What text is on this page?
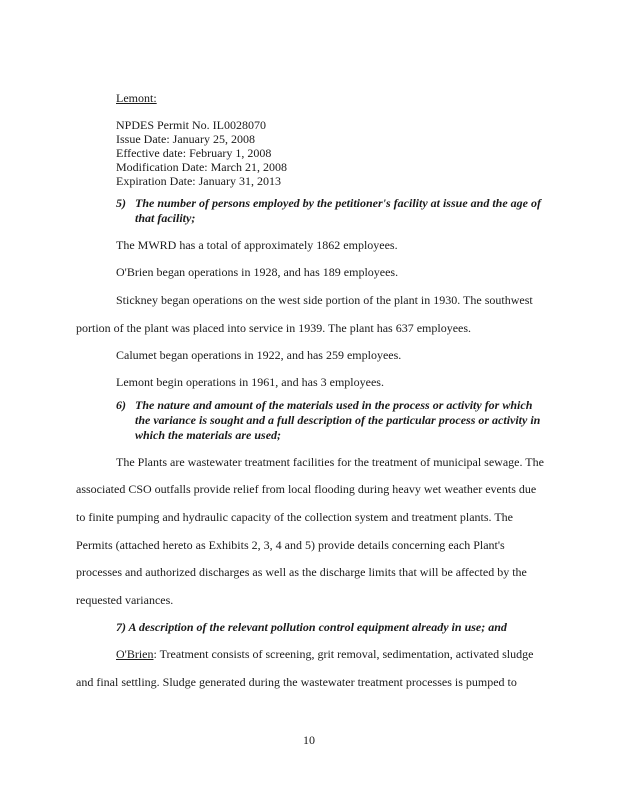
Lemont:
NPDES Permit No. IL0028070
Issue Date: January 25, 2008
Effective date: February 1, 2008
Modification Date: March 21, 2008
Expiration Date: January 31, 2013
5) The number of persons employed by the petitioner's facility at issue and the age of
that facility;
The MWRD has a total of approximately 1862 employees.
O'Brien began operations in 1928, and has 189 employees.
Stickney began operations on the west side portion of the plant in 1930. The southwest
portion of the plant was placed into service in 1939. The plant has 637 employees.
Calumet began operations in 1922, and has 259 employees.
Lemont begin operations in 1961, and has 3 employees.
6) The nature and amount of the materials used in the process or activity for which
the variance is sought and a full description of the particular process or activity in
which the materials are used;
The Plants are wastewater treatment facilities for the treatment of municipal sewage. The
associated CSO outfalls provide relief from local flooding during heavy wet weather events due
to finite pumping and hydraulic capacity of the collection system and treatment plants. The
Permits (attached hereto as Exhibits 2, 3, 4 and 5) provide details concerning each Plant's
processes and authorized discharges as well as the discharge limits that will be affected by the
requested variances.
7) A description of the relevant pollution control equipment already in use; and
O'Brien: Treatment consists of screening, grit removal, sedimentation, activated sludge
and final settling. Sludge generated during the wastewater treatment processes is pumped to
10
